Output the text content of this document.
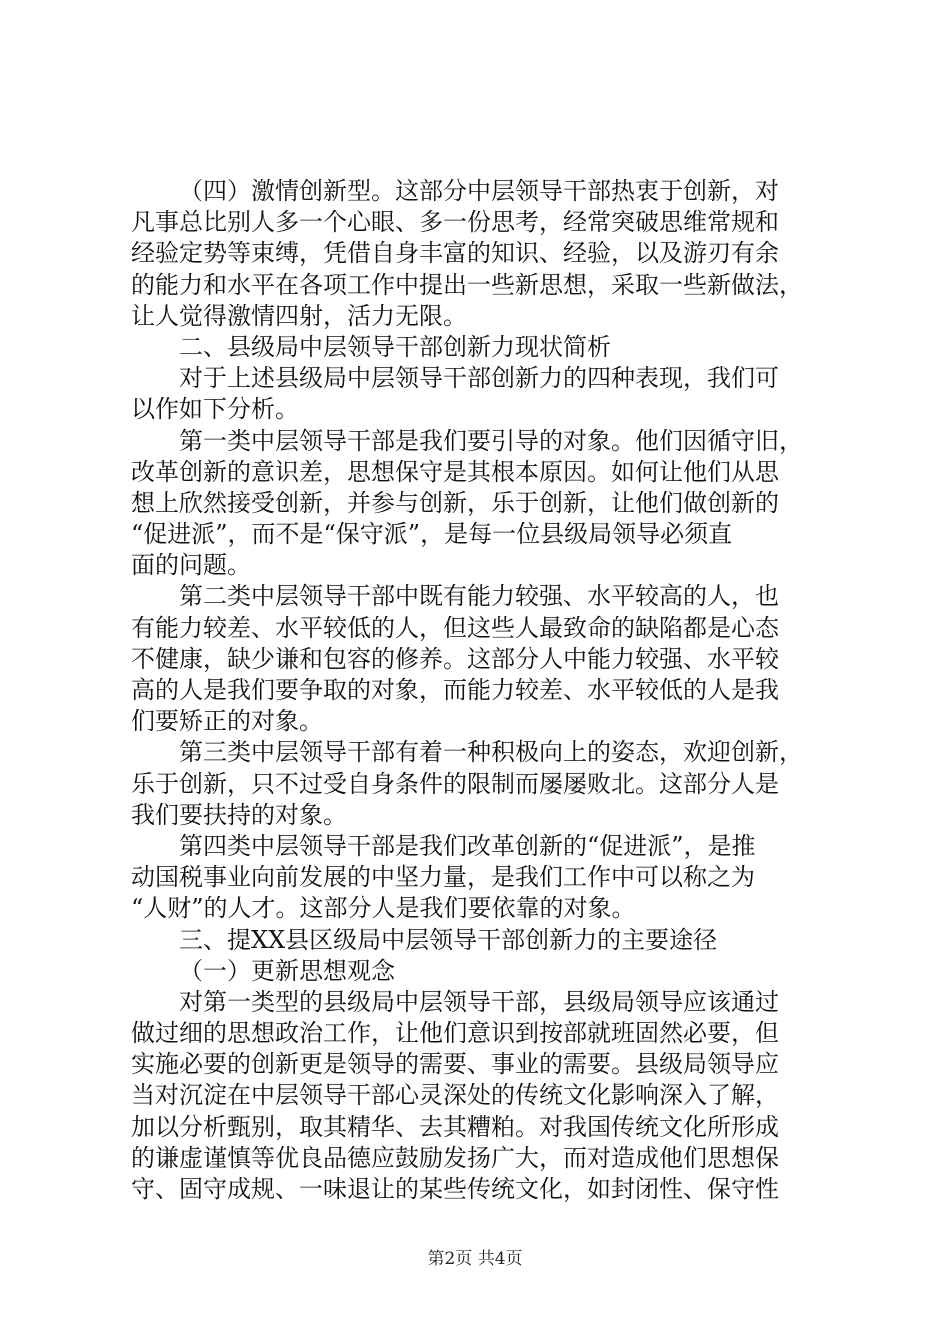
（四）激情创新型。这部分中层领导干部热衷于创新，对
凡事总比别人多一个心眼、多一份思考，经常突破思维常规和
经验定势等束缚，凭借自身丰富的知识、经验，以及游刃有余
的能力和水平在各项工作中提出一些新思想，采取一些新做法，
让人觉得激情四射，活力无限。
二、县级局中层领导干部创新力现状简析
对于上述县级局中层领导干部创新力的四种表现，我们可
以作如下分析。
第一类中层领导干部是我们要引导的对象。他们因循守旧，
改革创新的意识差，思想保守是其根本原因。如何让他们从思
想上欣然接受创新，并参与创新，乐于创新，让他们做创新的
“促进派”，而不是“保守派”，是每一位县级局领导必须直
面的问题。
第二类中层领导干部中既有能力较强、水平较高的人，也
有能力较差、水平较低的人，但这些人最致命的缺陷都是心态
不健康，缺少谦和包容的修养。这部分人中能力较强、水平较
高的人是我们要争取的对象，而能力较差、水平较低的人是我
们要矫正的对象。
第三类中层领导干部有着一种积极向上的姿态，欢迎创新，
乐于创新，只不过受自身条件的限制而屡屡败北。这部分人是
我们要扶持的对象。
第四类中层领导干部是我们改革创新的“促进派”，是推
动国税事业向前发展的中坚力量，是我们工作中可以称之为
“人财”的人才。这部分人是我们要依靠的对象。
三、提XX县区级局中层领导干部创新力的主要途径
（一）更新思想观念
对第一类型的县级局中层领导干部，县级局领导应该通过
做过细的思想政治工作，让他们意识到按部就班固然必要，但
实施必要的创新更是领导的需要、事业的需要。县级局领导应
当对沉淀在中层领导干部心灵深处的传统文化影响深入了解，
加以分析甄别，取其精华、去其糟粕。对我国传统文化所形成
的谦虚谨慎等优良品德应鼓励发扬广大，而对造成他们思想保
守、固守成规、一味退让的某些传统文化，如封闭性、保守性
第2页 共4页
